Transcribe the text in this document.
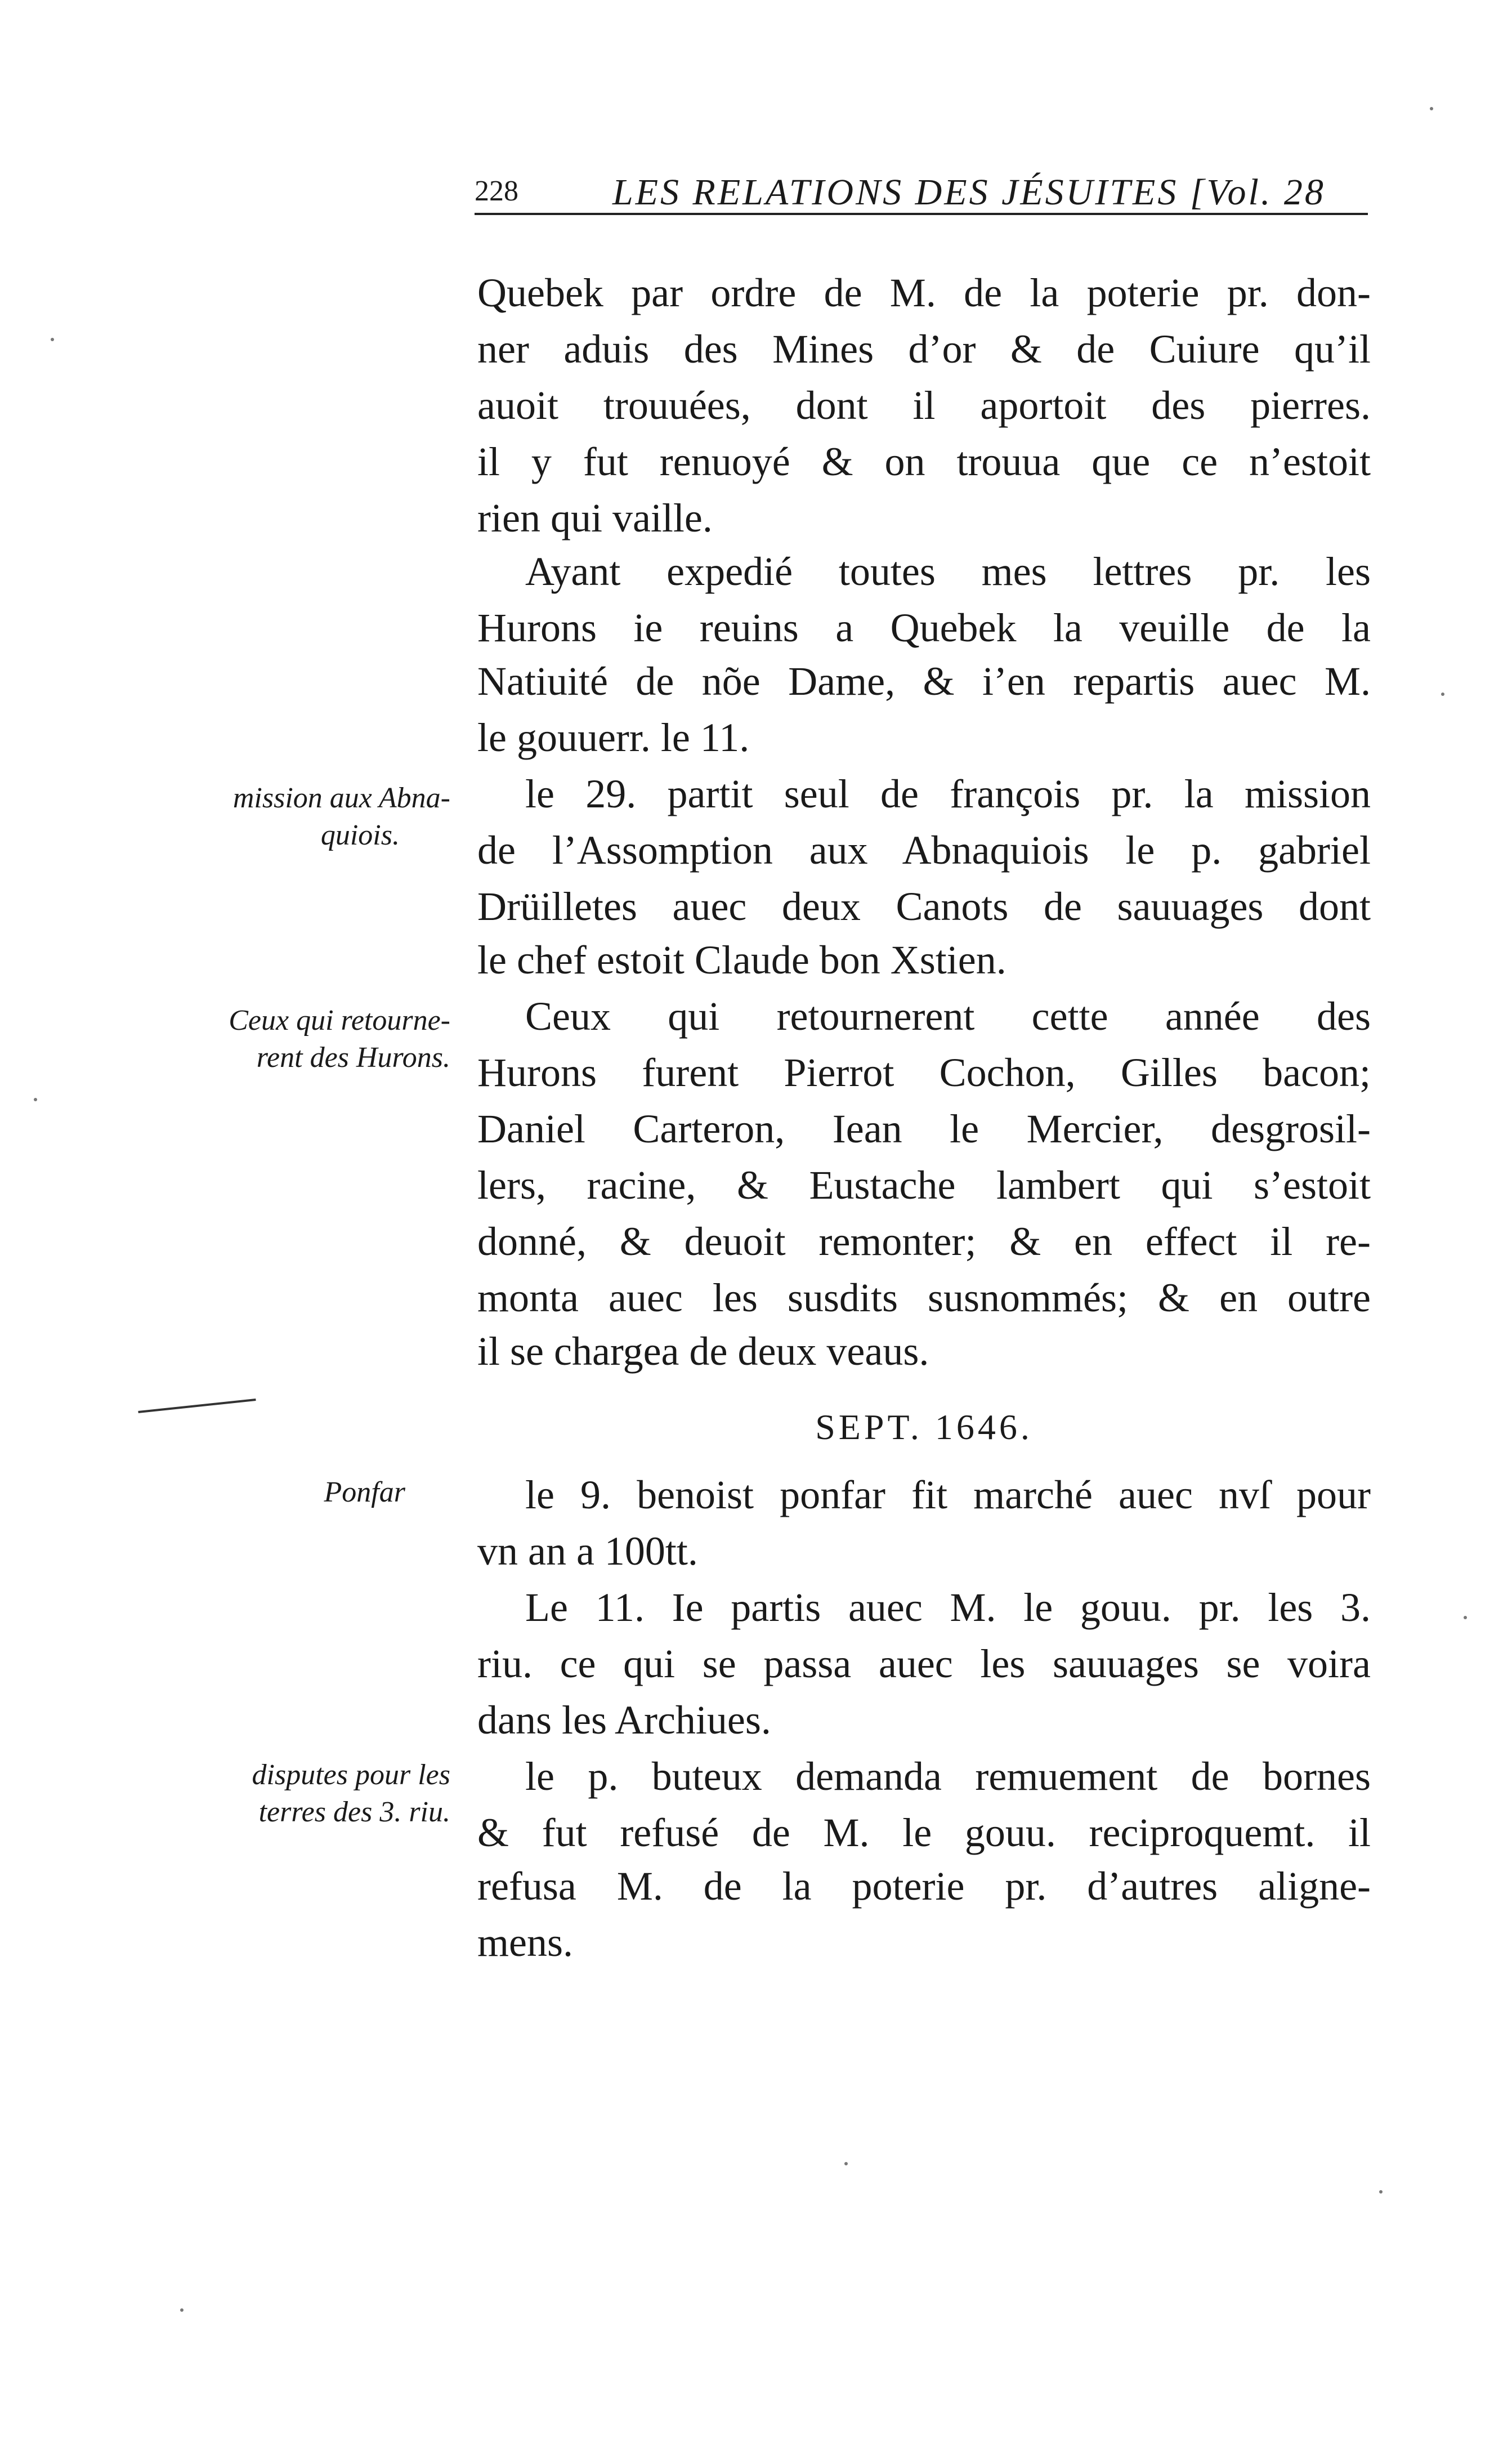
228	LES RELATIONS DES JÉSUITES [Vol. 28
mission aux Abna-
quiois.
Ceux qui retourne-
rent des Hurons.
Ponfar
disputes pour les
terres des 3. riu.
Quebek par ordre de M. de la poterie pr. don-
ner aduis des Mines d’or & de Cuiure qu’il
auoit trouuées, dont il aportoit des pierres.
il y fut renuoyé & on trouua que ce n’estoit
rien qui vaille.
Ayant expedié toutes mes lettres pr. les
Hurons ie reuins a Quebek la veuille de la
Natiuité de nõe Dame, & i’en repartis auec M.
le gouuerr. le 11.
le 29. partit seul de françois pr. la mission
de l’Assomption aux Abnaquiois le p. gabriel
Drüilletes auec deux Canots de sauuages dont
le chef estoit Claude bon Xstien.
Ceux qui retournerent cette année des
Hurons furent Pierrot Cochon, Gilles bacon;
Daniel Carteron, Iean le Mercier, desgrosil-
lers, racine, & Eustache lambert qui s’estoit
donné, & deuoit remonter; & en effect il re-
monta auec les susdits susnommés; & en outre
il se chargea de deux veaus.
SEPT. 1646.
le 9. benoist ponfar fit marché auec nvſ pour
vn an a 100tt.
Le 11. Ie partis auec M. le gouu. pr. les 3.
riu. ce qui se passa auec les sauuages se voira
dans les Archiues.
le p. buteux demanda remuement de bornes
& fut refusé de M. le gouu. reciproquemt. il
refusa M. de la poterie pr. d’autres aligne-
mens.
